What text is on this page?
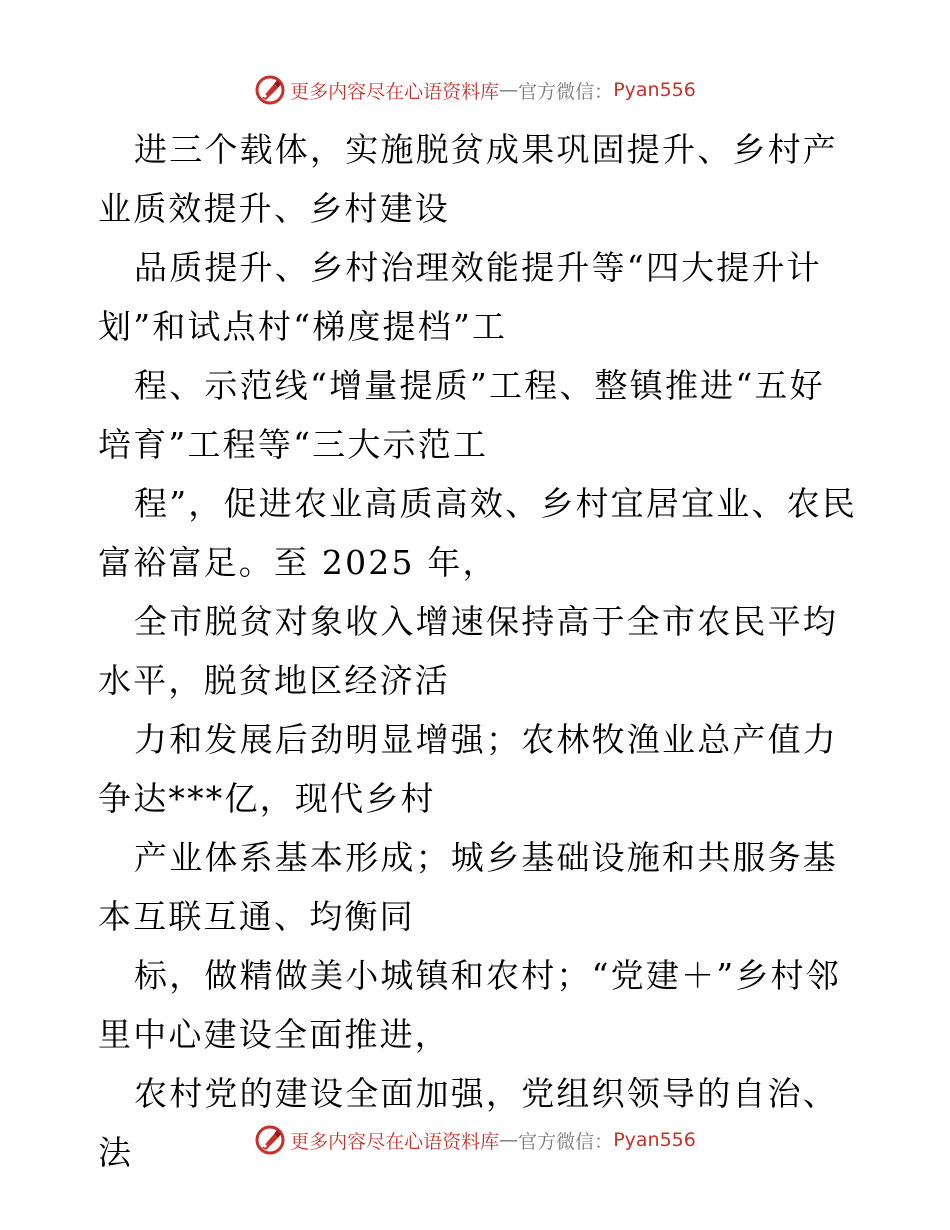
更多内容尽在心语资料库 — 官方微信： Pyan556

进三个载体，实施脱贫成果巩固提升、乡村产业质效提升、乡村建设

品质提升、乡村治理效能提升等“四大提升计划”和试点村“梯度提档”工

程、示范线“增量提质”工程、整镇推进“五好培育”工程等“三大示范工

程”，促进农业高质高效、乡村宜居宜业、农民富裕富足。至 2025 年，

全市脱贫对象收入增速保持高于全市农民平均水平，脱贫地区经济活

力和发展后劲明显增强；农林牧渔业总产值力争达***亿，现代乡村

产业体系基本形成；城乡基础设施和共服务基本互联互通、均衡同

标，做精做美小城镇和农村；“党建＋”乡村邻里中心建设全面推进，

农村党的建设全面加强，党组织领导的自治、法	更多内容尽在心语资料库 — 官方微信： Pyan556
